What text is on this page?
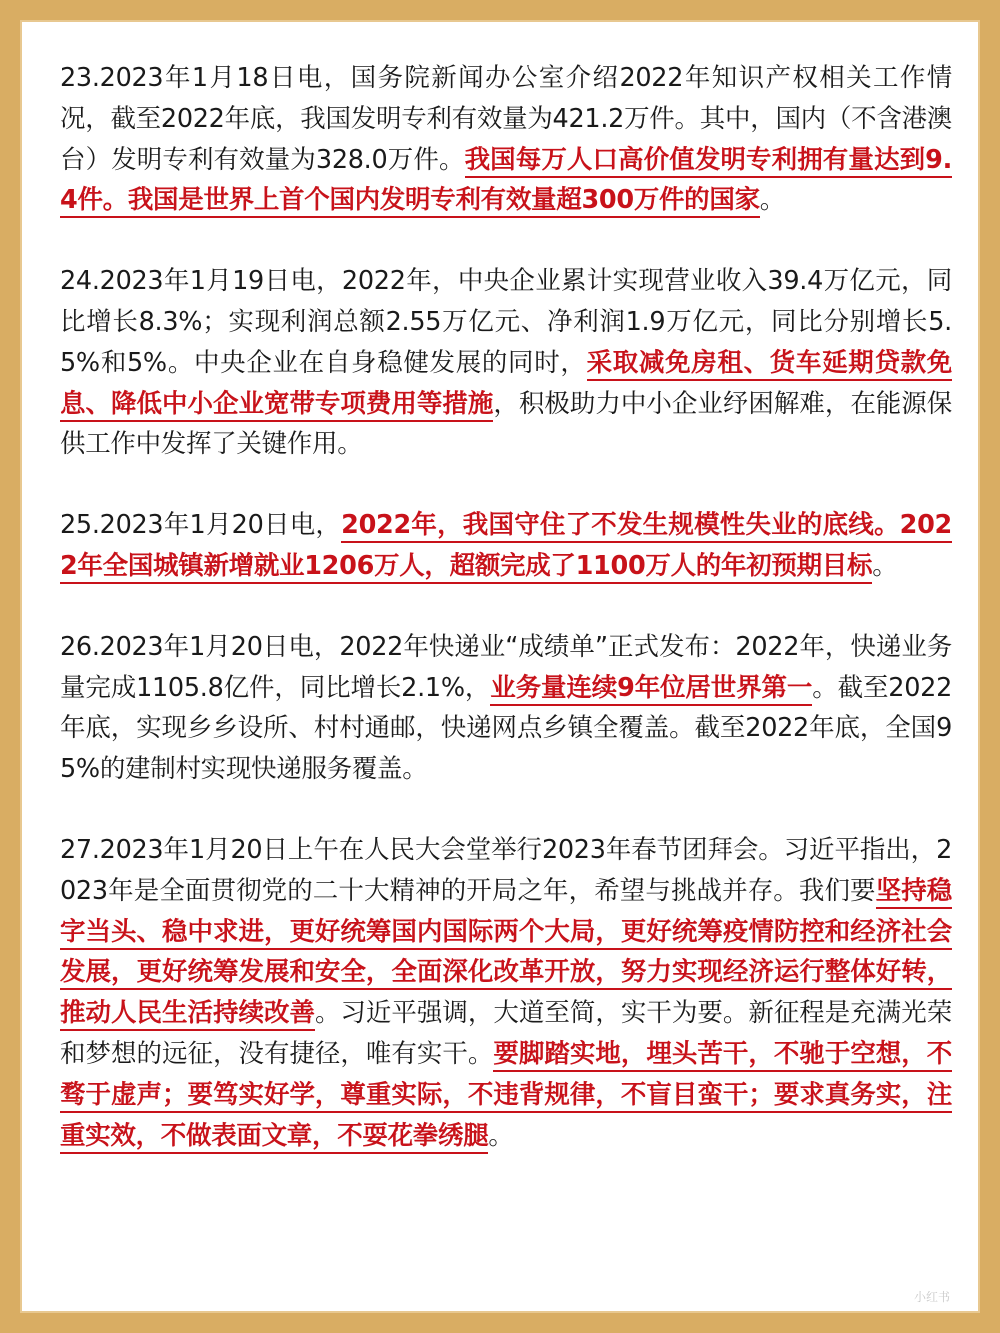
23.2023年1月18日电，国务院新闻办公室介绍2022年知识产权相关工作情况，截至2022年底，我国发明专利有效量为421.2万件。其中，国内（不含港澳台）发明专利有效量为328.0万件。我国每万人口高价值发明专利拥有量达到9.4件。我国是世界上首个国内发明专利有效量超300万件的国家。

24.2023年1月19日电，2022年，中央企业累计实现营业收入39.4万亿元，同比增长8.3%；实现利润总额2.55万亿元、净利润1.9万亿元，同比分别增长5.5%和5%。中央企业在自身稳健发展的同时，采取减免房租、货车延期贷款免息、降低中小企业宽带专项费用等措施，积极助力中小企业纾困解难，在能源保供工作中发挥了关键作用。

25.2023年1月20日电，2022年，我国守住了不发生规模性失业的底线。2022年全国城镇新增就业1206万人，超额完成了1100万人的年初预期目标。

26.2023年1月20日电，2022年快递业“成绩单”正式发布：2022年，快递业务量完成1105.8亿件，同比增长2.1%，业务量连续9年位居世界第一。截至2022年底，实现乡乡设所、村村通邮，快递网点乡镇全覆盖。截至2022年底，全国95%的建制村实现快递服务覆盖。

27.2023年1月20日上午在人民大会堂举行2023年春节团拜会。习近平指出，2023年是全面贯彻党的二十大精神的开局之年，希望与挑战并存。我们要坚持稳字当头、稳中求进，更好统筹国内国际两个大局，更好统筹疫情防控和经济社会发展，更好统筹发展和安全，全面深化改革开放，努力实现经济运行整体好转，推动人民生活持续改善。习近平强调，大道至简，实干为要。新征程是充满光荣和梦想的远征，没有捷径，唯有实干。要脚踏实地，埋头苦干，不驰于空想，不骛于虚声；要笃实好学，尊重实际，不违背规律，不盲目蛮干；要求真务实，注重实效，不做表面文章，不耍花拳绣腿。

小红书
